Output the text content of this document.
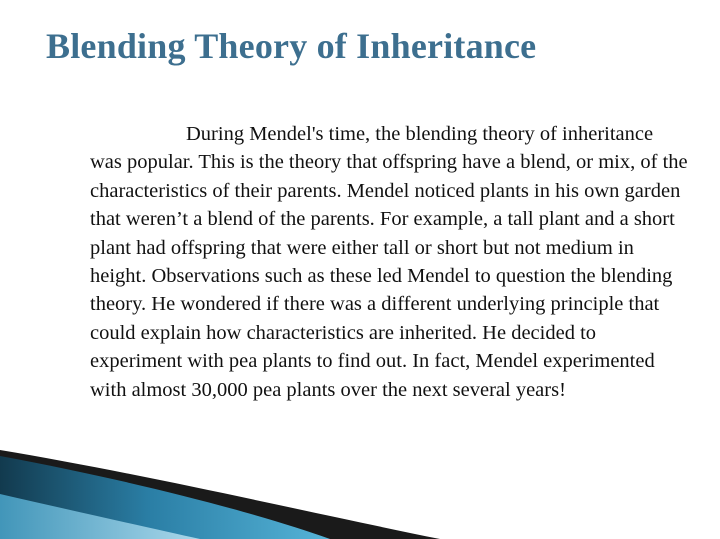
Blending Theory of Inheritance

During Mendel's time, the blending theory of inheritance was popular. This is the theory that offspring have a blend, or mix, of the characteristics of their parents. Mendel noticed plants in his own garden that weren’t a blend of the parents. For example, a tall plant and a short plant had offspring that were either tall or short but not medium in height. Observations such as these led Mendel to question the blending theory. He wondered if there was a different underlying principle that could explain how characteristics are inherited. He decided to experiment with pea plants to find out. In fact, Mendel experimented with almost 30,000 pea plants over the next several years!
